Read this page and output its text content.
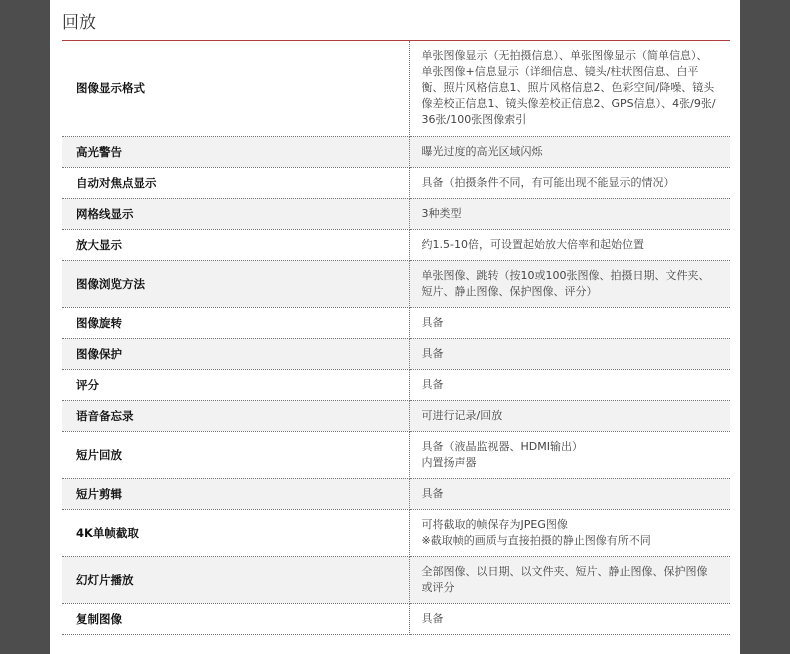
回放
图像显示格式	单张图像显示（无拍摄信息）、单张图像显示（简单信息）、单张图像+信息显示（详细信息、镜头/柱状图信息、白平衡、照片风格信息1、照片风格信息2、色彩空间/降噪、镜头像差校正信息1、镜头像差校正信息2、GPS信息）、4张/9张/36张/100张图像索引

高光警告	曝光过度的高光区域闪烁

自动对焦点显示	具备（拍摄条件不同，有可能出现不能显示的情况）

网格线显示	3种类型

放大显示	约1.5-10倍，可设置起始放大倍率和起始位置

图像浏览方法	单张图像、跳转（按10或100张图像、拍摄日期、文件夹、短片、静止图像、保护图像、评分）

图像旋转	具备

图像保护	具备

评分	具备

语音备忘录	可进行记录/回放

短片回放	具备（液晶监视器、HDMI输出）
内置扬声器

短片剪辑	具备

4K单帧截取	可将截取的帧保存为JPEG图像
※截取帧的画质与直接拍摄的静止图像有所不同

幻灯片播放	全部图像、以日期、以文件夹、短片、静止图像、保护图像或评分

复制图像	具备
